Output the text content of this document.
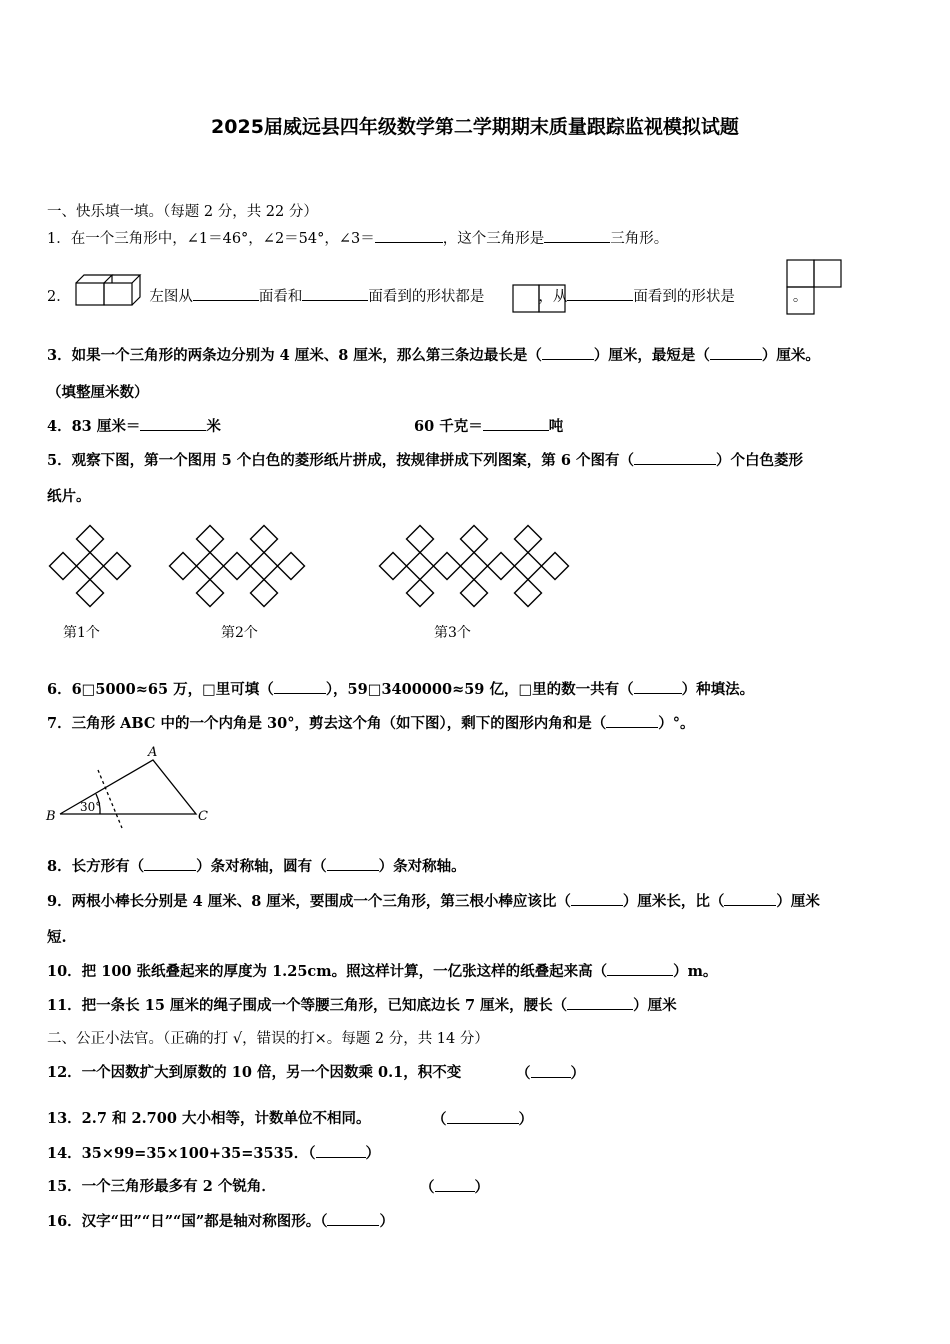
2025届威远县四年级数学第二学期期末质量跟踪监视模拟试题
一、快乐填一填。（每题 2 分，共 22 分）
1．在一个三角形中，∠1＝46°，∠2＝54°，∠3＝	，这个三角形是	三角形。
2．	左图从	面看和	面看到的形状都是	，从	面看到的形状是	。
3．如果一个三角形的两条边分别为 4 厘米、8 厘米，那么第三条边最长是（	）厘米，最短是（	）厘米。
（填整厘米数）
4．83 厘米＝	米	60 千克＝	吨
5．观察下图，第一个图用 5 个白色的菱形纸片拼成，按规律拼成下列图案，第 6 个图有（	）个白色菱形
纸片。
第1个	第2个	第3个
6．6□5000≈65 万，□里可填（	），59□3400000≈59 亿，□里的数一共有（	）种填法。
7．三角形 ABC 中的一个内角是 30°，剪去这个角（如下图），剩下的图形内角和是（	）°。
A
B	C
30°
8．长方形有（	）条对称轴，圆有（	）条对称轴。
9．两根小棒长分别是 4 厘米、8 厘米，要围成一个三角形，第三根小棒应该比（	）厘米长，比（	）厘米
短.
10．把 100 张纸叠起来的厚度为 1.25cm。照这样计算，一亿张这样的纸叠起来高（	）m。
11．把一条长 15 厘米的绳子围成一个等腰三角形，已知底边长 7 厘米，腰长（	）厘米
二、公正小法官。（正确的打 √，错误的打×。每题 2 分，共 14 分）
12．一个因数扩大到原数的 10 倍，另一个因数乘 0.1，积不变	（	）
13．2.7 和 2.700 大小相等，计数单位不相同。	（	）
14．35×99=35×100+35=3535．（	）
15．一个三角形最多有 2 个锐角．	（	）
16．汉字“田”“日”“国”都是轴对称图形。（	）
